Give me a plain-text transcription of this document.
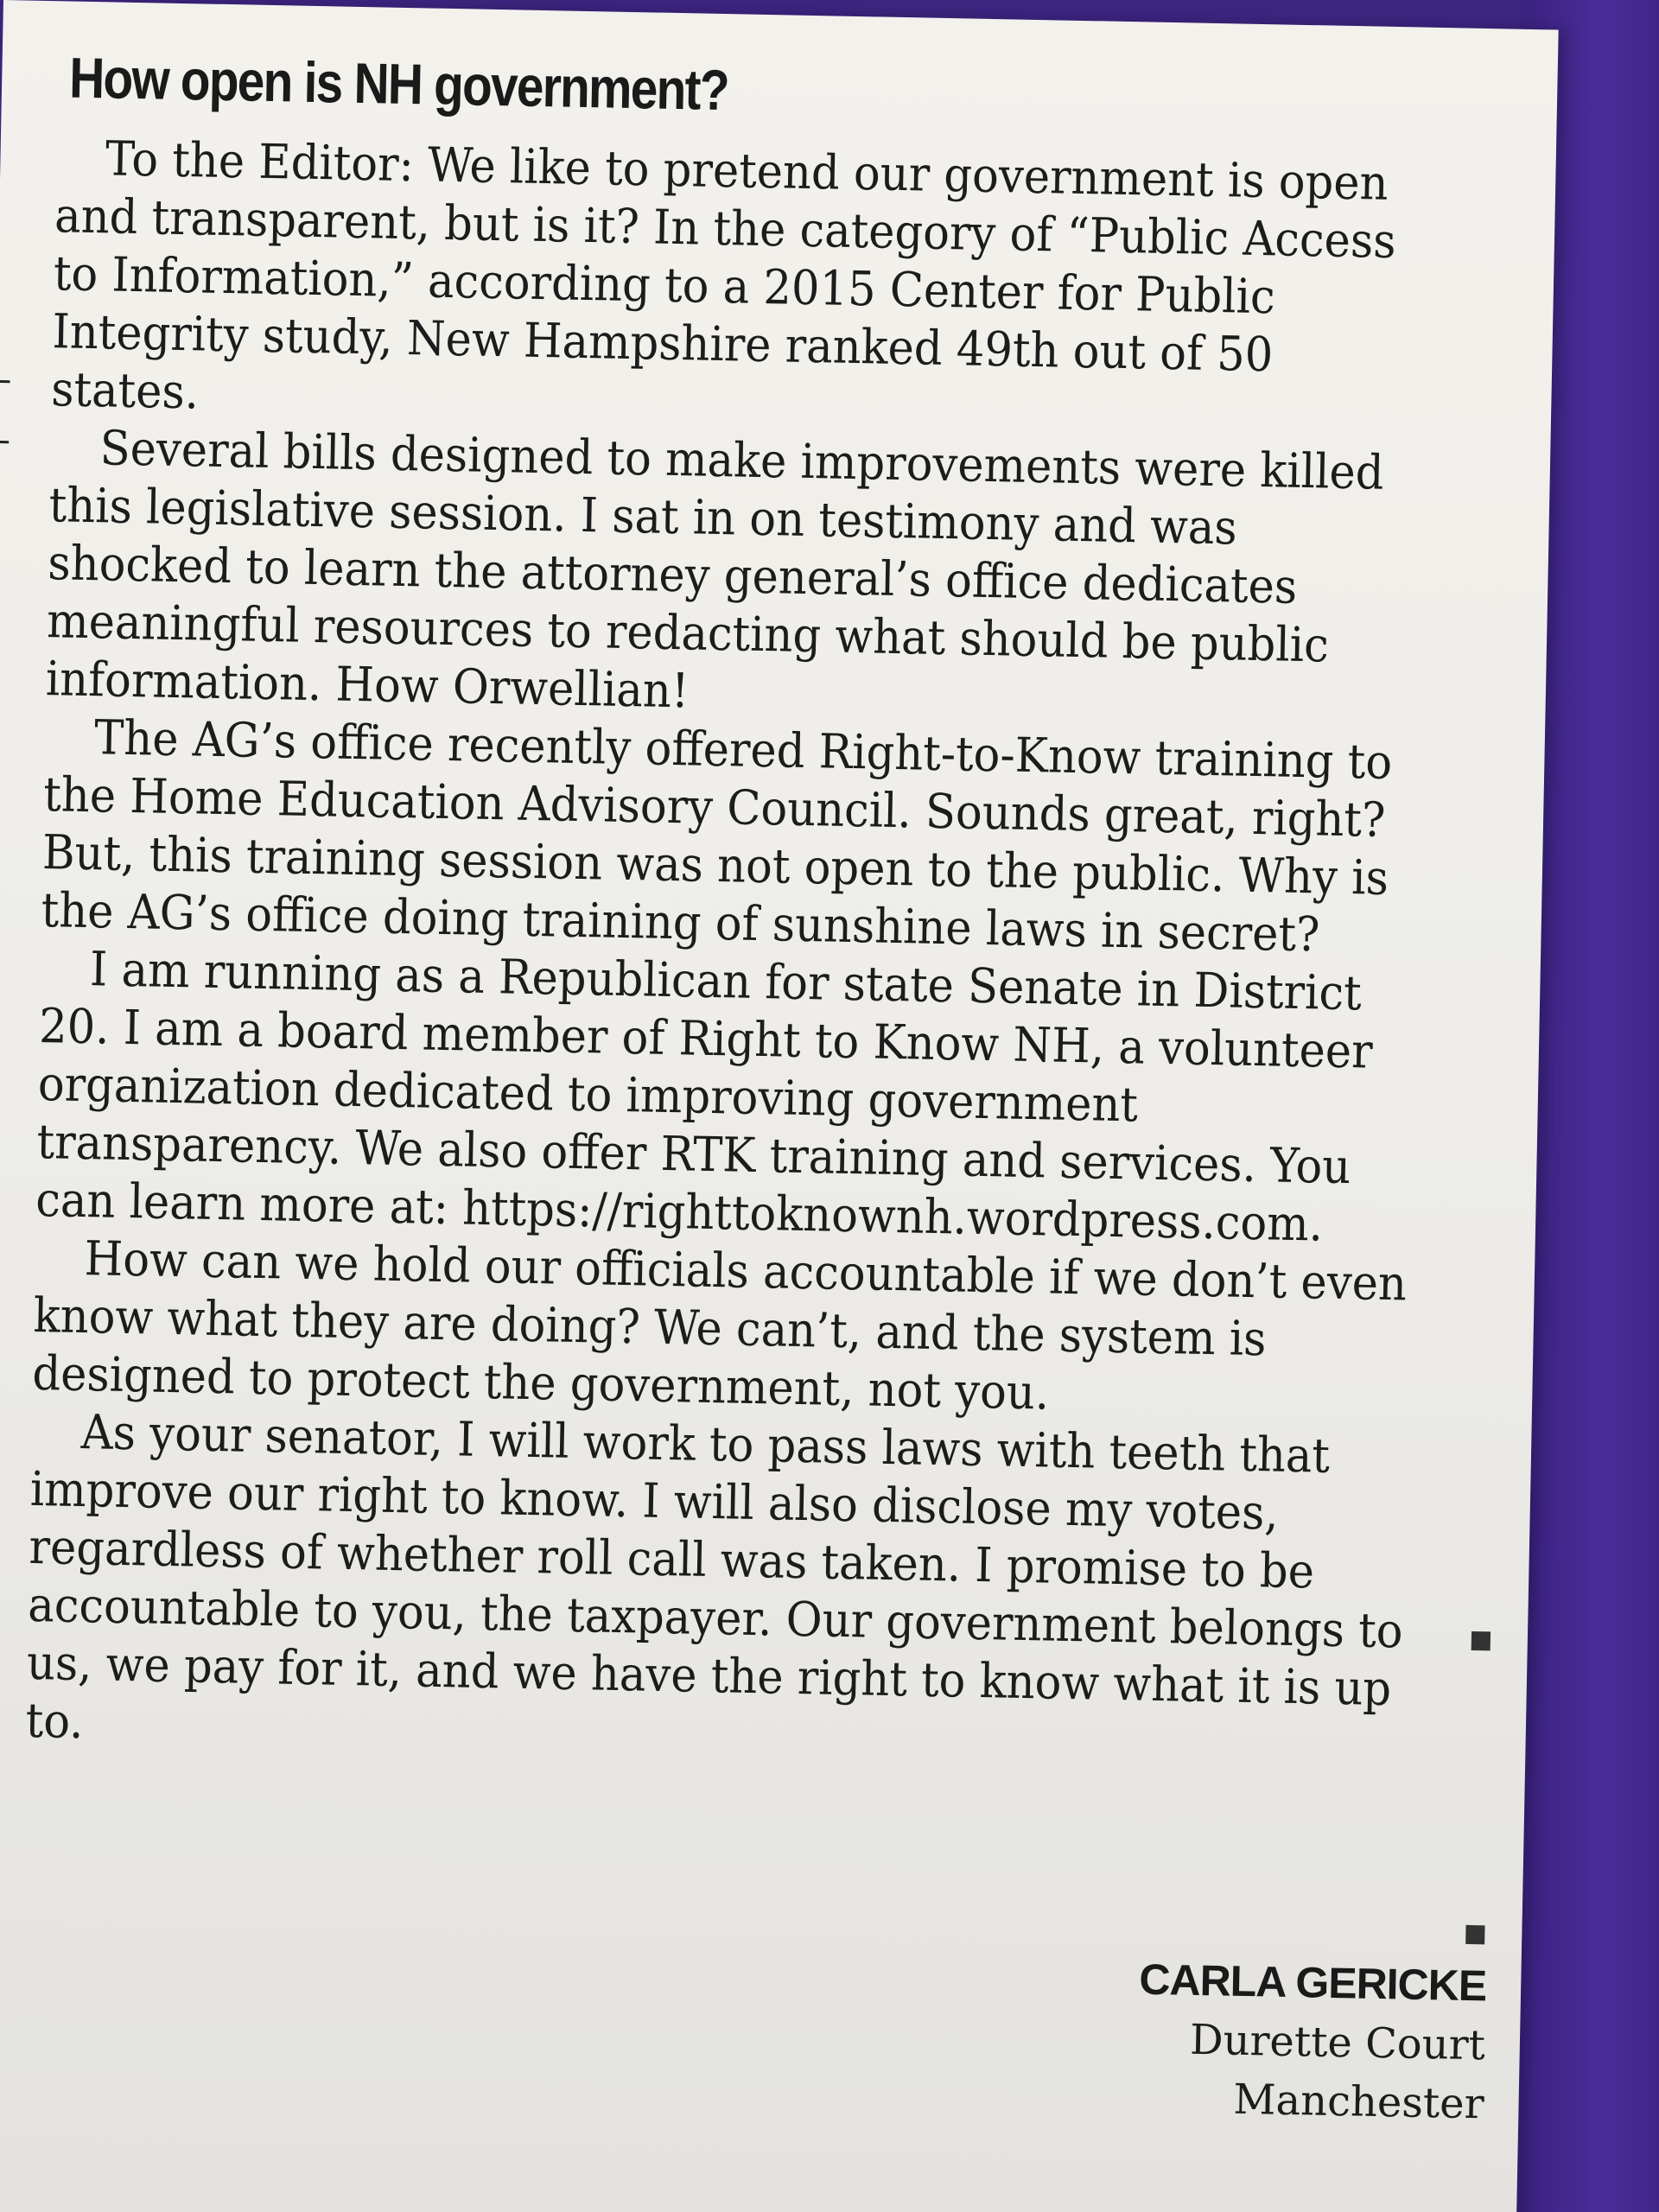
How open is NH government?

To the Editor: We like to pretend our government is open and transparent, but is it? In the category of “Public Access to Information,” according to a 2015 Center for Public Integrity study, New Hampshire ranked 49th out of 50 states.

Several bills designed to make improvements were killed this legislative session. I sat in on testimony and was shocked to learn the attorney general’s office dedicates meaningful resources to redacting what should be public information. How Orwellian!

The AG’s office recently offered Right-to-Know training to the Home Education Advisory Council. Sounds great, right? But, this training session was not open to the public. Why is the AG’s office doing training of sunshine laws in secret?

I am running as a Republican for state Senate in District 20. I am a board member of Right to Know NH, a volunteer organization dedicated to improving government transparency. We also offer RTK training and services. You can learn more at: https://righttoknownh.wordpress.com.

How can we hold our officials accountable if we don’t even know what they are doing? We can’t, and the system is designed to protect the government, not you.

As your senator, I will work to pass laws with teeth that improve our right to know. I will also disclose my votes, regardless of whether roll call was taken. I promise to be accountable to you, the taxpayer. Our government belongs to us, we pay for it, and we have the right to know what it is up to.

CARLA GERICKE
Durette Court
Manchester
